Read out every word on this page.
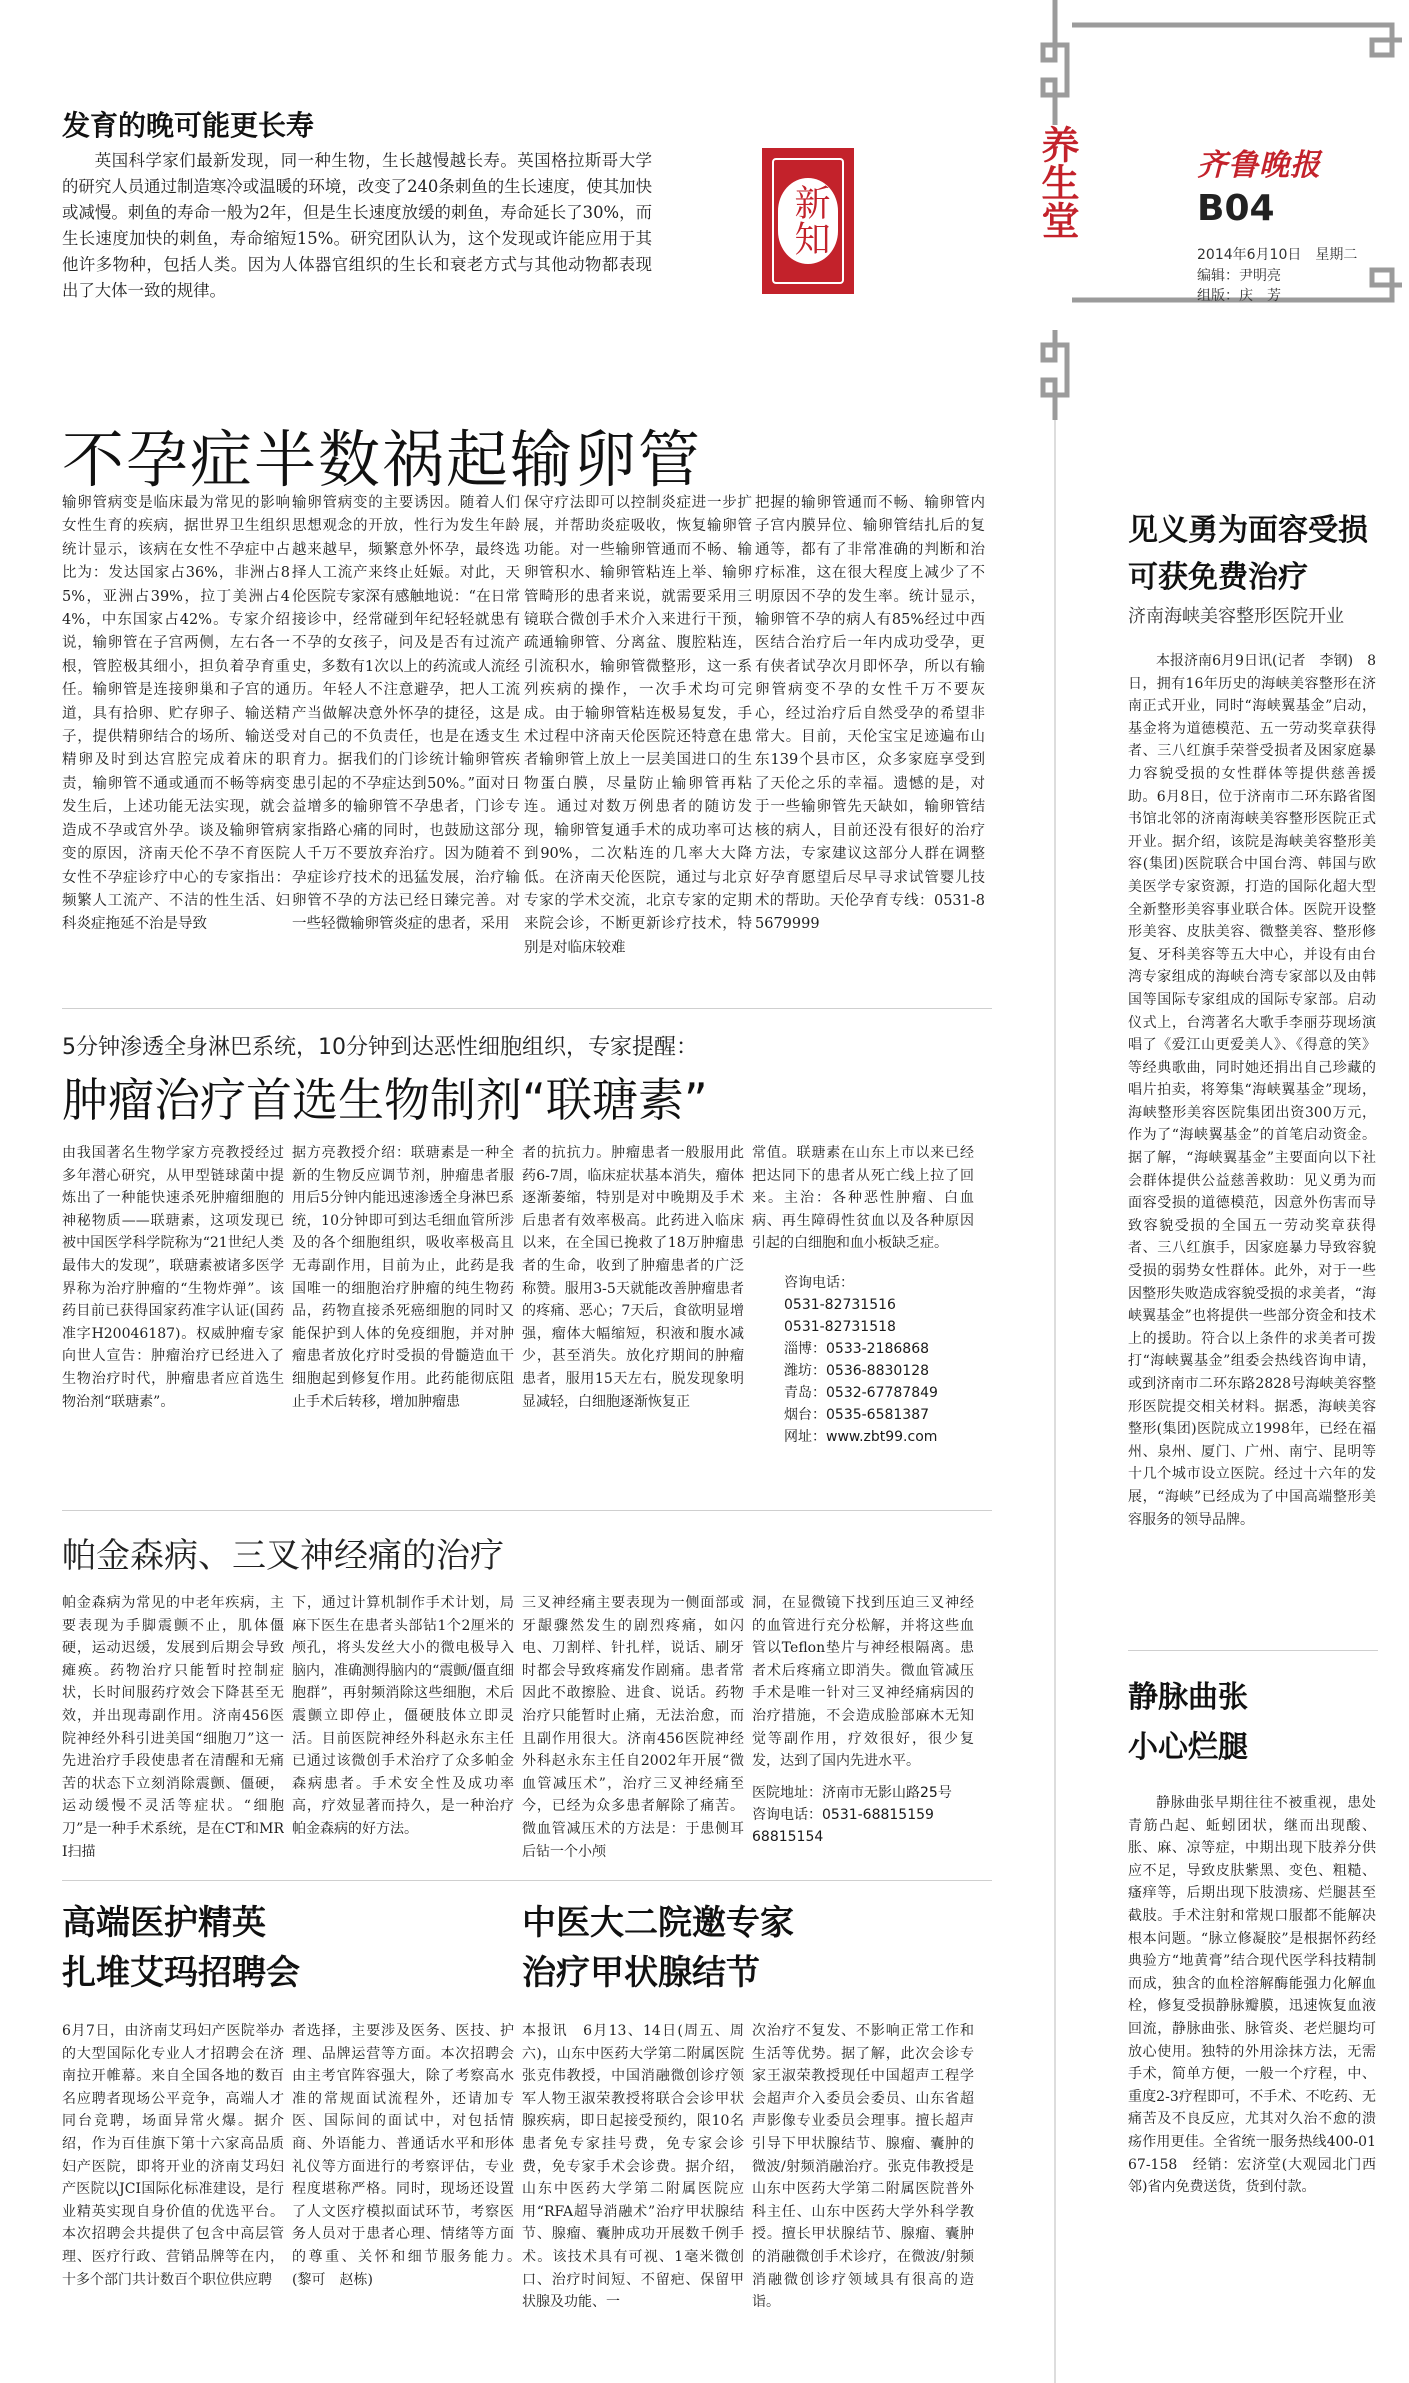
齐鲁晚报
B04
2014年6月10日　星期二
编辑：尹明亮
组版：庆　芳
养生堂
发育的晚可能更长寿
英国科学家们最新发现，同一种生物，生长越慢越长寿。英国格拉斯哥大学的研究人员通过制造寒冷或温暖的环境，改变了240条刺鱼的生长速度，使其加快或减慢。刺鱼的寿命一般为2年，但是生长速度放缓的刺鱼，寿命延长了30%，而生长速度加快的刺鱼，寿命缩短15%。研究团队认为，这个发现或许能应用于其他许多物种，包括人类。因为人体器官组织的生长和衰老方式与其他动物都表现出了大体一致的规律。
新知
不孕症半数祸起输卵管
输卵管病变是临床最为常见的影响女性生育的疾病，据世界卫生组织统计显示，该病在女性不孕症中占比为：发达国家占36%，非洲占85%，亚洲占39%，拉丁美洲占44%，中东国家占42%。专家介绍说，输卵管在子宫两侧，左右各一根，管腔极其细小，担负着孕育重任。输卵管是连接卵巢和子宫的通道，具有拾卵、贮存卵子、输送精子，提供精卵结合的场所、输送受精卵及时到达宫腔完成着床的职责，输卵管不通或通而不畅等病变发生后，上述功能无法实现，就会造成不孕或宫外孕。谈及输卵管病变的原因，济南天伦不孕不育医院女性不孕症诊疗中心的专家指出：频繁人工流产、不洁的性生活、妇科炎症拖延不治是导致
输卵管病变的主要诱因。随着人们思想观念的开放，性行为发生年龄越来越早，频繁意外怀孕，最终选择人工流产来终止妊娠。对此，天伦医院专家深有感触地说：“在日常接诊中，经常碰到年纪轻轻就患有不孕的女孩子，问及是否有过流产史，多数有1次以上的药流或人流经历。年轻人不注意避孕，把人工流产当做解决意外怀孕的捷径，这是对自己的不负责任，也是在透支生育力。据我们的门诊统计输卵管疾患引起的不孕症达到50%。”面对日益增多的输卵管不孕患者，门诊专家指路心痛的同时，也鼓励这部分人千万不要放弃治疗。因为随着不孕症诊疗技术的迅猛发展，治疗输卵管不孕的方法已经日臻完善。对一些轻微输卵管炎症的患者，采用
保守疗法即可以控制炎症进一步扩展，并帮助炎症吸收，恢复输卵管功能。对一些输卵管通而不畅、输卵管积水、输卵管粘连上举、输卵管畸形的患者来说，就需要采用三镜联合微创手术介入来进行干预，疏通输卵管、分离盆、腹腔粘连，引流积水，输卵管微整形，这一系列疾病的操作，一次手术均可完成。由于输卵管粘连极易复发，手术过程中济南天伦医院还特意在患者输卵管上放上一层美国进口的生物蛋白膜，尽量防止输卵管再粘连。通过对数万例患者的随访发现，输卵管复通手术的成功率可达到90%，二次粘连的几率大大降低。在济南天伦医院，通过与北京专家的学术交流，北京专家的定期来院会诊，不断更新诊疗技术，特别是对临床较难
把握的输卵管通而不畅、输卵管内子宫内膜异位、输卵管结扎后的复通等，都有了非常准确的判断和治疗标准，这在很大程度上减少了不明原因不孕的发生率。统计显示，输卵管不孕的病人有85%经过中西医结合治疗后一年内成功受孕，更有侠者试孕次月即怀孕，所以有输卵管病变不孕的女性千万不要灰心，经过治疗后自然受孕的希望非常大。目前，天伦宝宝足迹遍布山东139个县市区，众多家庭享受到了天伦之乐的幸福。遗憾的是，对于一些输卵管先天缺如，输卵管结核的病人，目前还没有很好的治疗方法，专家建议这部分人群在调整好孕育愿望后尽早寻求试管婴儿技术的帮助。天伦孕育专线：0531-85679999
5分钟渗透全身淋巴系统，10分钟到达恶性细胞组织，专家提醒：
肿瘤治疗首选生物制剂“联瑭素”
由我国著名生物学家方亮教授经过多年潜心研究，从甲型链球菌中提炼出了一种能快速杀死肿瘤细胞的神秘物质——联瑭素，这项发现已被中国医学科学院称为“21世纪人类最伟大的发现”，联瑭素被诸多医学界称为治疗肿瘤的“生物炸弹”。该药目前已获得国家药准字认证(国药准字H20046187)。权威肿瘤专家向世人宣告：肿瘤治疗已经进入了生物治疗时代，肿瘤患者应首选生物治剂“联瑭素”。
据方亮教授介绍：联瑭素是一种全新的生物反应调节剂，肿瘤患者服用后5分钟内能迅速渗透全身淋巴系统，10分钟即可到达毛细血管所涉及的各个细胞组织，吸收率极高且无毒副作用，目前为止，此药是我国唯一的细胞治疗肿瘤的纯生物药品，药物直接杀死癌细胞的同时又能保护到人体的免疫细胞，并对肿瘤患者放化疗时受损的骨髓造血干细胞起到修复作用。此药能彻底阻止手术后转移，增加肿瘤患
者的抗抗力。肿瘤患者一般服用此药6-7周，临床症状基本消失，瘤体逐渐萎缩，特别是对中晚期及手术后患者有效率极高。此药进入临床以来，在全国已挽救了18万肿瘤患者的生命，收到了肿瘤患者的广泛称赞。服用3-5天就能改善肿瘤患者的疼痛、恶心；7天后，食欲明显增强，瘤体大幅缩短，积液和腹水减少，甚至消失。放化疗期间的肿瘤患者，服用15天左右，脱发现象明显减轻，白细胞逐渐恢复正
常值。联瑭素在山东上市以来已经把达同下的患者从死亡线上拉了回来。主治：各种恶性肿瘤、白血病、再生障碍性贫血以及各种原因引起的白细胞和血小板缺乏症。
咨询电话：
0531-82731516
0531-82731518
淄博：0533-2186868
潍坊：0536-8830128
青岛：0532-67787849
烟台：0535-6581387
网址：www.zbt99.com
帕金森病、三叉神经痛的治疗
帕金森病为常见的中老年疾病，主要表现为手脚震颤不止，肌体僵硬，运动迟缓，发展到后期会导致瘫痪。药物治疗只能暂时控制症状，长时间服药疗效会下降甚至无效，并出现毒副作用。济南456医院神经外科引进美国“细胞刀”这一先进治疗手段使患者在清醒和无痛苦的状态下立刻消除震颤、僵硬，运动缓慢不灵活等症状。“细胞刀”是一种手术系统，是在CT和MRI扫描
下，通过计算机制作手术计划，局麻下医生在患者头部钻1个2厘米的颅孔，将头发丝大小的微电极导入脑内，准确测得脑内的“震颤/僵直细胞群”，再射频消除这些细胞，术后震颤立即停止，僵硬肢体立即灵活。目前医院神经外科赵永东主任已通过该微创手术治疗了众多帕金森病患者。手术安全性及成功率高，疗效显著而持久，是一种治疗帕金森病的好方法。
三叉神经痛主要表现为一侧面部或牙龈骤然发生的剧烈疼痛，如闪电、刀割样、针扎样，说话、刷牙时都会导致疼痛发作剧痛。患者常因此不敢擦脸、进食、说话。药物治疗只能暂时止痛，无法治愈，而且副作用很大。济南456医院神经外科赵永东主任自2002年开展“微血管减压术”，治疗三叉神经痛至今，已经为众多患者解除了痛苦。微血管减压术的方法是：于患侧耳后钻一个小颅
洞，在显微镜下找到压迫三叉神经的血管进行充分松解，并将这些血管以Teflon垫片与神经根隔离。患者术后疼痛立即消失。微血管减压手术是唯一针对三叉神经痛病因的治疗措施，不会造成脸部麻木无知觉等副作用，疗效很好，很少复发，达到了国内先进水平。
医院地址：济南市无影山路25号
咨询电话：0531-68815159　68815154
高端医护精英
扎堆艾玛招聘会
6月7日，由济南艾玛妇产医院举办的大型国际化专业人才招聘会在济南拉开帷幕。来自全国各地的数百名应聘者现场公平竞争，高端人才同台竞聘，场面异常火爆。据介绍，作为百佳旗下第十六家高品质妇产医院，即将开业的济南艾玛妇产医院以JCI国际化标准建设，是行业精英实现自身价值的优选平台。本次招聘会共提供了包含中高层管理、医疗行政、营销品牌等在内，十多个部门共计数百个职位供应聘
者选择，主要涉及医务、医技、护理、品牌运营等方面。本次招聘会由主考官阵容强大，除了考察高水准的常规面试流程外，还请加专医、国际间的面试中，对包括情商、外语能力、普通话水平和形体礼仪等方面进行的考察评估，专业程度堪称严格。同时，现场还设置了人文医疗模拟面试环节，考察医务人员对于患者心理、情绪等方面的尊重、关怀和细节服务能力。　　　　(黎可　赵栋)
中医大二院邀专家
治疗甲状腺结节
本报讯　6月13、14日(周五、周六)，山东中医药大学第二附属医院张克伟教授，中国消融微创诊疗领军人物王淑荣教授将联合会诊甲状腺疾病，即日起接受预约，限10名患者免专家挂号费，免专家会诊费，免专家手术会诊费。据介绍，山东中医药大学第二附属医院应用“RFA超导消融术”治疗甲状腺结节、腺瘤、囊肿成功开展数千例手术。该技术具有可视、1毫米微创口、治疗时间短、不留疤、保留甲状腺及功能、一
次治疗不复发、不影响正常工作和生活等优势。据了解，此次会诊专家王淑荣教授现任中国超声工程学会超声介入委员会委员、山东省超声影像专业委员会理事。擅长超声引导下甲状腺结节、腺瘤、囊肿的微波/射频消融治疗。张克伟教授是山东中医药大学第二附属医院普外科主任、山东中医药大学外科学教授。擅长甲状腺结节、腺瘤、囊肿的消融微创手术诊疗，在微波/射频消融微创诊疗领域具有很高的造诣。
见义勇为面容受损
可获免费治疗
济南海峡美容整形医院开业
本报济南6月9日讯(记者　李钢)　8日，拥有16年历史的海峡美容整形在济南正式开业，同时“海峡翼基金”启动，基金将为道德模范、五一劳动奖章获得者、三八红旗手荣誉受损者及困家庭暴力容貌受损的女性群体等提供慈善援助。6月8日，位于济南市二环东路省图书馆北邻的济南海峡美容整形医院正式开业。据介绍，该院是海峡美容整形美容(集团)医院联合中国台湾、韩国与欧美医学专家资源，打造的国际化超大型全新整形美容事业联合体。医院开设整形美容、皮肤美容、微整美容、整形修复、牙科美容等五大中心，并设有由台湾专家组成的海峡台湾专家部以及由韩国等国际专家组成的国际专家部。启动仪式上，台湾著名大歌手李丽芬现场演唱了《爱江山更爱美人》、《得意的笑》等经典歌曲，同时她还捐出自己珍藏的唱片拍卖，将筹集“海峡翼基金”现场，海峡整形美容医院集团出资300万元，作为了“海峡翼基金”的首笔启动资金。据了解，“海峡翼基金”主要面向以下社会群体提供公益慈善救助：见义勇为而面容受损的道德模范，因意外伤害而导致容貌受损的全国五一劳动奖章获得者、三八红旗手，因家庭暴力导致容貌受损的弱势女性群体。此外，对于一些因整形失败造成容貌受损的求美者，“海峡翼基金”也将提供一些部分资金和技术上的援助。符合以上条件的求美者可拨打“海峡翼基金”组委会热线咨询申请，或到济南市二环东路2828号海峡美容整形医院提交相关材料。据悉，海峡美容整形(集团)医院成立1998年，已经在福州、泉州、厦门、广州、南宁、昆明等十几个城市设立医院。经过十六年的发展，“海峡”已经成为了中国高端整形美容服务的领导品牌。
静脉曲张
小心烂腿
静脉曲张早期往往不被重视，患处青筋凸起、蚯蚓团状，继而出现酸、胀、麻、凉等症，中期出现下肢养分供应不足，导致皮肤紫黑、变色、粗糙、瘙痒等，后期出现下肢溃疡、烂腿甚至截肢。手术注射和常规口服都不能解决根本问题。“脉立修凝胶”是根据怀药经典验方“地黄膏”结合现代医学科技精制而成，独含的血栓溶解酶能强力化解血栓，修复受损静脉瓣膜，迅速恢复血液回流，静脉曲张、脉管炎、老烂腿均可放心使用。独特的外用涂抹方法，无需手术，简单方便，一般一个疗程，中、重度2-3疗程即可，不手术、不吃药、无痛苦及不良反应，尤其对久治不愈的溃疡作用更佳。全省统一服务热线400-0167-158　经销：宏济堂(大观园北门西邻)省内免费送货，货到付款。
